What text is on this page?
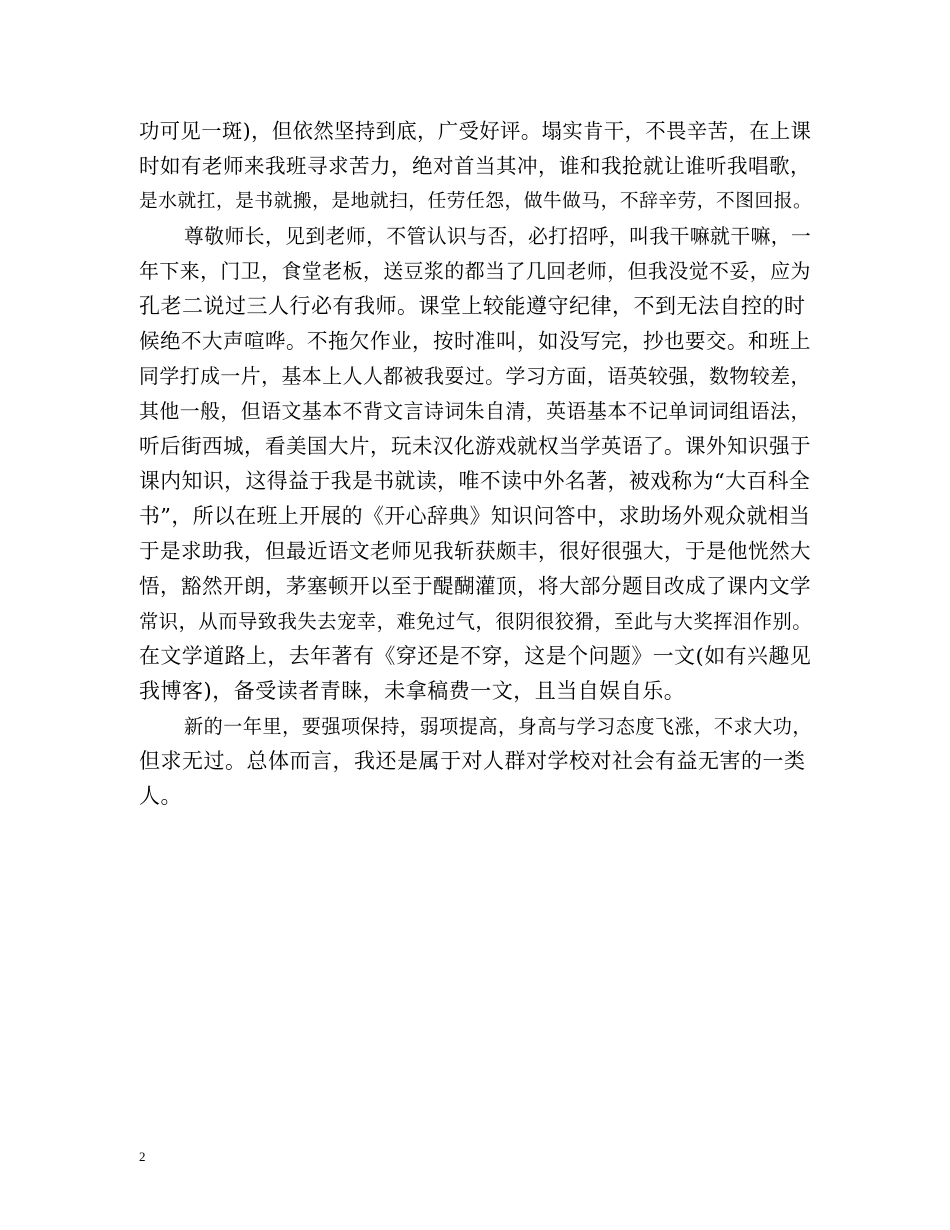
功可见一斑)，但依然坚持到底，广受好评。塌实肯干，不畏辛苦，在上课
时如有老师来我班寻求苦力，绝对首当其冲，谁和我抢就让谁听我唱歌，
是水就扛，是书就搬，是地就扫，任劳任怨，做牛做马，不辞辛劳，不图回报。

尊敬师长，见到老师，不管认识与否，必打招呼，叫我干嘛就干嘛，一
年下来，门卫，食堂老板，送豆浆的都当了几回老师，但我没觉不妥，应为
孔老二说过三人行必有我师。课堂上较能遵守纪律，不到无法自控的时
候绝不大声喧哗。不拖欠作业，按时准叫，如没写完，抄也要交。和班上
同学打成一片，基本上人人都被我耍过。学习方面，语英较强，数物较差，
其他一般，但语文基本不背文言诗词朱自清，英语基本不记单词词组语法，
听后街西城，看美国大片，玩未汉化游戏就权当学英语了。课外知识强于
课内知识，这得益于我是书就读，唯不读中外名著，被戏称为“大百科全
书”，所以在班上开展的《开心辞典》知识问答中，求助场外观众就相当
于是求助我，但最近语文老师见我斩获颇丰，很好很强大，于是他恍然大
悟，豁然开朗，茅塞顿开以至于醍醐灌顶，将大部分题目改成了课内文学
常识，从而导致我失去宠幸，难免过气，很阴很狡猾，至此与大奖挥泪作别。
在文学道路上，去年著有《穿还是不穿，这是个问题》一文(如有兴趣见
我博客)，备受读者青睐，未拿稿费一文，且当自娱自乐。

新的一年里，要强项保持，弱项提高，身高与学习态度飞涨，不求大功，
但求无过。总体而言，我还是属于对人群对学校对社会有益无害的一类
人。

2
